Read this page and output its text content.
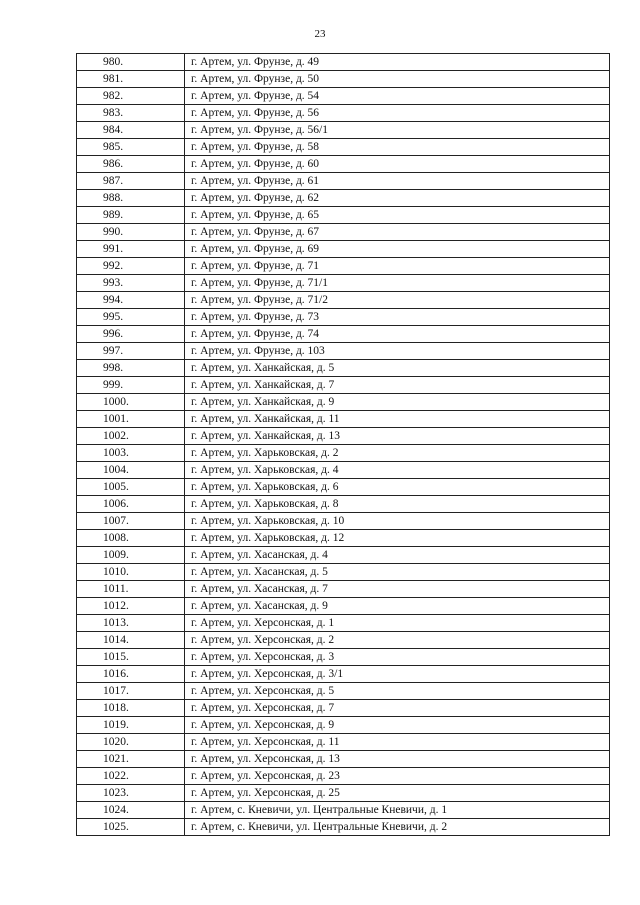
23
980.	г. Артем, ул. Фрунзе, д. 49
981.	г. Артем, ул. Фрунзе, д. 50
982.	г. Артем, ул. Фрунзе, д. 54
983.	г. Артем, ул. Фрунзе, д. 56
984.	г. Артем, ул. Фрунзе, д. 56/1
985.	г. Артем, ул. Фрунзе, д. 58
986.	г. Артем, ул. Фрунзе, д. 60
987.	г. Артем, ул. Фрунзе, д. 61
988.	г. Артем, ул. Фрунзе, д. 62
989.	г. Артем, ул. Фрунзе, д. 65
990.	г. Артем, ул. Фрунзе, д. 67
991.	г. Артем, ул. Фрунзе, д. 69
992.	г. Артем, ул. Фрунзе, д. 71
993.	г. Артем, ул. Фрунзе, д. 71/1
994.	г. Артем, ул. Фрунзе, д. 71/2
995.	г. Артем, ул. Фрунзе, д. 73
996.	г. Артем, ул. Фрунзе, д. 74
997.	г. Артем, ул. Фрунзе, д. 103
998.	г. Артем, ул. Ханкайская, д. 5
999.	г. Артем, ул. Ханкайская, д. 7
1000.	г. Артем, ул. Ханкайская, д. 9
1001.	г. Артем, ул. Ханкайская, д. 11
1002.	г. Артем, ул. Ханкайская, д. 13
1003.	г. Артем, ул. Харьковская, д. 2
1004.	г. Артем, ул. Харьковская, д. 4
1005.	г. Артем, ул. Харьковская, д. 6
1006.	г. Артем, ул. Харьковская, д. 8
1007.	г. Артем, ул. Харьковская, д. 10
1008.	г. Артем, ул. Харьковская, д. 12
1009.	г. Артем, ул. Хасанская, д. 4
1010.	г. Артем, ул. Хасанская, д. 5
1011.	г. Артем, ул. Хасанская, д. 7
1012.	г. Артем, ул. Хасанская, д. 9
1013.	г. Артем, ул. Херсонская, д. 1
1014.	г. Артем, ул. Херсонская, д. 2
1015.	г. Артем, ул. Херсонская, д. 3
1016.	г. Артем, ул. Херсонская, д. 3/1
1017.	г. Артем, ул. Херсонская, д. 5
1018.	г. Артем, ул. Херсонская, д. 7
1019.	г. Артем, ул. Херсонская, д. 9
1020.	г. Артем, ул. Херсонская, д. 11
1021.	г. Артем, ул. Херсонская, д. 13
1022.	г. Артем, ул. Херсонская, д. 23
1023.	г. Артем, ул. Херсонская, д. 25
1024.	г. Артем, с. Кневичи, ул. Центральные Кневичи, д. 1
1025.	г. Артем, с. Кневичи, ул. Центральные Кневичи, д. 2
